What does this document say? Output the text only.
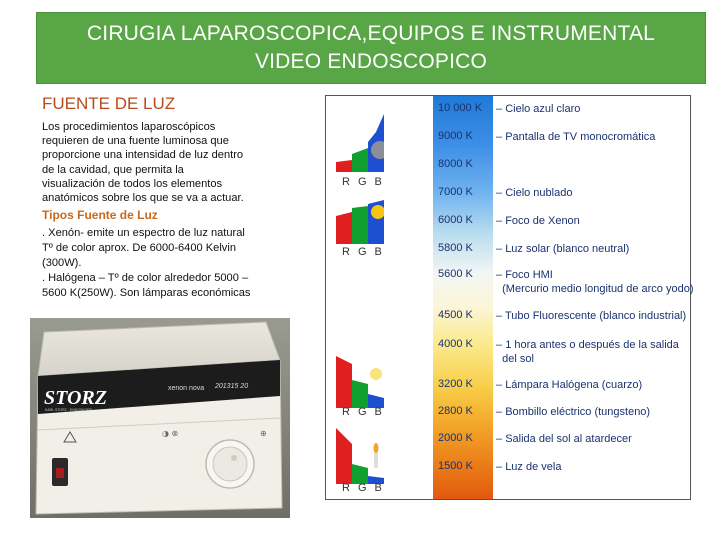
CIRUGIA LAPAROSCOPICA,EQUIPOS E INSTRUMENTAL
VIDEO ENDOSCOPICO
FUENTE DE LUZ
Los procedimientos laparoscópicos
requieren de una fuente luminosa que
proporcione una intensidad de luz dentro
de la cavidad, que permita la
visualización de todos los elementos
anatómicos sobre los que se va a actuar.
Tipos Fuente de Luz
. Xenón- emite un espectro de luz natural
Tº de color aprox. De 6000-6400 Kelvin
(300W).
. Halógena – Tº de color alrededor 5000 –
5600 K(250W). Son lámparas económicas
STORZ
KARL STORZ · ENDOSKOPE
xenon nova 201315 20
◑ ⊗	⊕
RGB
RGB
RGB
RGB
10 000 K
9000 K
8000 K
7000 K
6000 K
5800 K
5600 K
4500 K
4000 K
3200 K
2800 K
2000 K
1500 K
– Cielo azul claro
– Pantalla de TV monocromática
– Cielo nublado
– Foco de Xenon
– Luz solar (blanco neutral)
– Foco HMI
(Mercurio medio longitud de arco yodo)
– Tubo Fluorescente (blanco industrial)
– 1 hora antes o después de la salida
del sol
– Lámpara Halógena (cuarzo)
– Bombillo eléctrico (tungsteno)
– Salida del sol al atardecer
– Luz de vela
